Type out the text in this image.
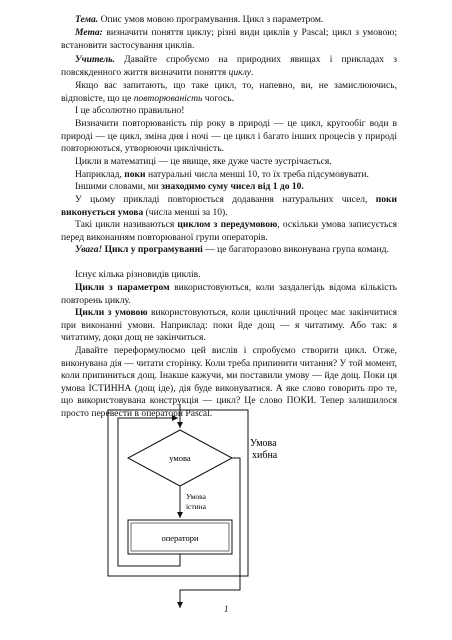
Тема. Опис умов мовою програмування. Цикл з параметром.
Мета: визначити поняття циклу; різні види циклів у Pascal; цикл з умовою; встановити застосування циклів.
Учитель. Давайте спробуємо на природних явищах і прикладах з повсякденного життя визначити поняття циклу.
Якщо вас запитають, що таке цикл, то, напевно, ви, не замислюючись, відповісте, що це повторюваність чогось.
І це абсолютно правильно!
Визначити повторюваність пір року в природі — це цикл, кругообіг води в природі — це цикл, зміна дня і ночі — це цикл і багато інших процесів у природі повторюються, утворюючи циклічність.
Цикли в математиці — це явище, яке дуже часте зустрічається.
Наприклад, поки натуральні числа менші 10, то їх треба підсумовувати.
Іншими словами, ми знаходимо суму чисел від 1 до 10.
У цьому прикладі повторюється додавання натуральних чисел, поки виконується умова (числа менші за 10).
Такі цикли називаються циклом з передумовою, оскільки умова записується перед виконанням повторюваної групи операторів.
Увага! Цикл у програмуванні — це багаторазово виконувана група команд.
Існує кілька різновидів циклів.
Цикли з параметром використовуються, коли заздалегідь відома кількість повторень циклу.
Цикли з умовою використовуються, коли циклічний процес має закінчитися при виконанні умови. Наприклад: поки йде дощ — я читатиму. Або так: я читатиму, доки дощ не закінчиться.
Давайте переформулюємо цей вислів і спробуємо створити цикл. Отже, виконувана дія — читати сторінку. Коли треба припинити читання? У той момент, коли припиниться дощ. Інакше кажучи, ми поставили умову — йде дощ. Поки ця умова ІСТИННА (дощ іде), дія буде виконуватися. А яке слово говорить про те, що використовувана конструкція — цикл? Це слово ПОКИ. Тепер залишилося просто перевести в оператори Pascal.
умова
Умова
істина
оператори
Умова
хибна
1
